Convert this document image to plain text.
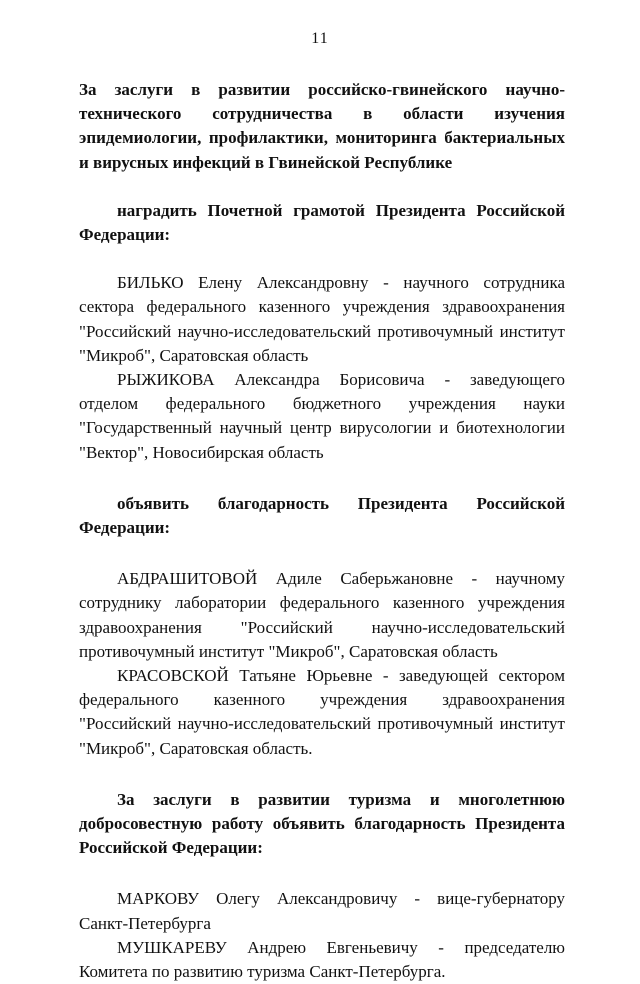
11

За заслуги в развитии российско-гвинейского научно-технического сотрудничества в области изучения эпидемиологии, профилактики, мониторинга бактериальных и вирусных инфекций в Гвинейской Республике

наградить Почетной грамотой Президента Российской Федерации:

БИЛЬКО Елену Александровну - научного сотрудника сектора федерального казенного учреждения здравоохранения "Российский научно-исследовательский противочумный институт "Микроб", Саратовская область

РЫЖИКОВА Александра Борисовича - заведующего отделом федерального бюджетного учреждения науки "Государственный научный центр вирусологии и биотехнологии "Вектор", Новосибирская область

объявить благодарность Президента Российской Федерации:

АБДРАШИТОВОЙ Адиле Саберьжановне - научному сотруднику лаборатории федерального казенного учреждения здравоохранения "Российский научно-исследовательский противочумный институт "Микроб", Саратовская область

КРАСОВСКОЙ Татьяне Юрьевне - заведующей сектором федерального казенного учреждения здравоохранения "Российский научно-исследовательский противочумный институт "Микроб", Саратовская область.

За заслуги в развитии туризма и многолетнюю добросовестную работу объявить благодарность Президента Российской Федерации:

МАРКОВУ Олегу Александровичу - вице-губернатору Санкт-Петербурга

МУШКАРЕВУ Андрею Евгеньевичу - председателю Комитета по развитию туризма Санкт-Петербурга.
